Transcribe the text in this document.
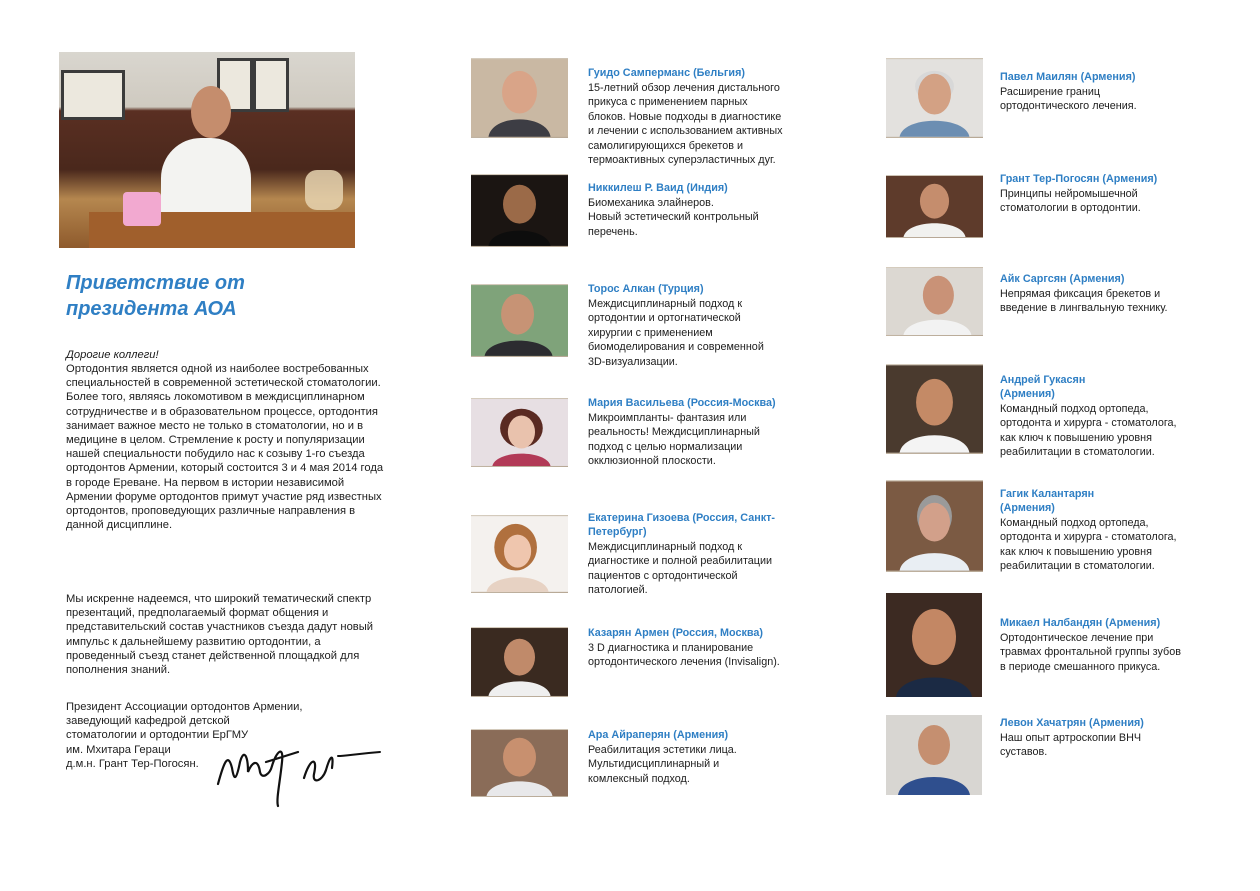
Приветствие от
президента АОА
Дорогие коллеги!

Ортодонтия является одной из наиболее востребованных специальностей в современной эстетической стоматологии. Более того, являясь локомотивом в междисциплинарном сотрудничестве и в образовательном процессе, ортодонтия занимает важное место не только в стоматологии, но и в медицине в целом. Стремление к росту и популяризации нашей специальности побудило нас к созыву 1-го съезда ортодонтов Армении, который состоится 3 и 4 мая 2014 года в городе Ереване. На первом в истории независимой Армении форуме ортодонтов примут участие ряд известных ортодонтов, проповедующих различные направления в данной дисциплине.

Мы искренне надеемся, что широкий тематический спектр презентаций, предполагаемый формат общения и представительский состав участников съезда дадут новый импульс к дальнейшему развитию ортодонтии, а проведенный съезд станет действенной площадкой для пополнения знаний.

Президент Ассоциации ортодонтов Армении,
заведующий кафедрой детской
стоматологии и ортодонтии ЕрГМУ
им. Мхитара Гераци
д.м.н. Грант Тер-Погосян.
Гуидо Самперманс (Бельгия)
15-летний обзор лечения дистального
прикуса с применением парных
блоков. Новые подходы в диагностике
и лечении с использованием активных
самолигирующихся брекетов и
термоактивных суперэластичных дуг.
Никкилеш Р. Ваид (Индия)
Биомеханика элайнеров.
Новый эстетический контрольный
перечень.
Торос Алкан (Турция)
Междисциплинарный подход к
ортодонтии и ортогнатической
хирургии с применением
биомоделирования и современной
3D-визуализации.
Мария Васильева (Россия-Москва)
Микроимпланты- фантазия или
реальность! Междисциплинарный
подход с целью нормализации
окклюзионной плоскости.
Екатерина Гизоева (Россия, Санкт-Петербург)
Междисциплинарный подход к
диагностике и полной реабилитации
пациентов с ортодонтической
патологией.
Казарян Армен (Россия, Москва)
3 D диагностика и планирование
ортодонтического лечения (Invisalign).
Ара Айраперян (Армения)
Реабилитация эстетики лица.
Мультидисциплинарный и
комлексный подход.
Павел Маилян (Армения)
Расширение границ
ортодонтического лечения.
Грант Тер-Погосян (Армения)
Принципы нейромышечной
стоматологии в ортодонтии.
Айк Саргсян (Армения)
Непрямая фиксация брекетов и
введение в лингвальную технику.
Андрей Гукасян (Армения)
Командный подход ортопеда,
ортодонта и хирурга - стоматолога,
как ключ к повышению уровня
реабилитации в стоматологии.
Гагик Калантарян (Армения)
Командный подход ортопеда,
ортодонта и хирурга - стоматолога,
как ключ к повышению уровня
реабилитации в стоматологии.
Микаел Налбандян (Армения)
Ортодонтическое лечение при
травмах фронтальной группы зубов
в периоде смешанного прикуса.
Левон Хачатрян (Армения)
Наш опыт артроскопии ВНЧ
суставов.
